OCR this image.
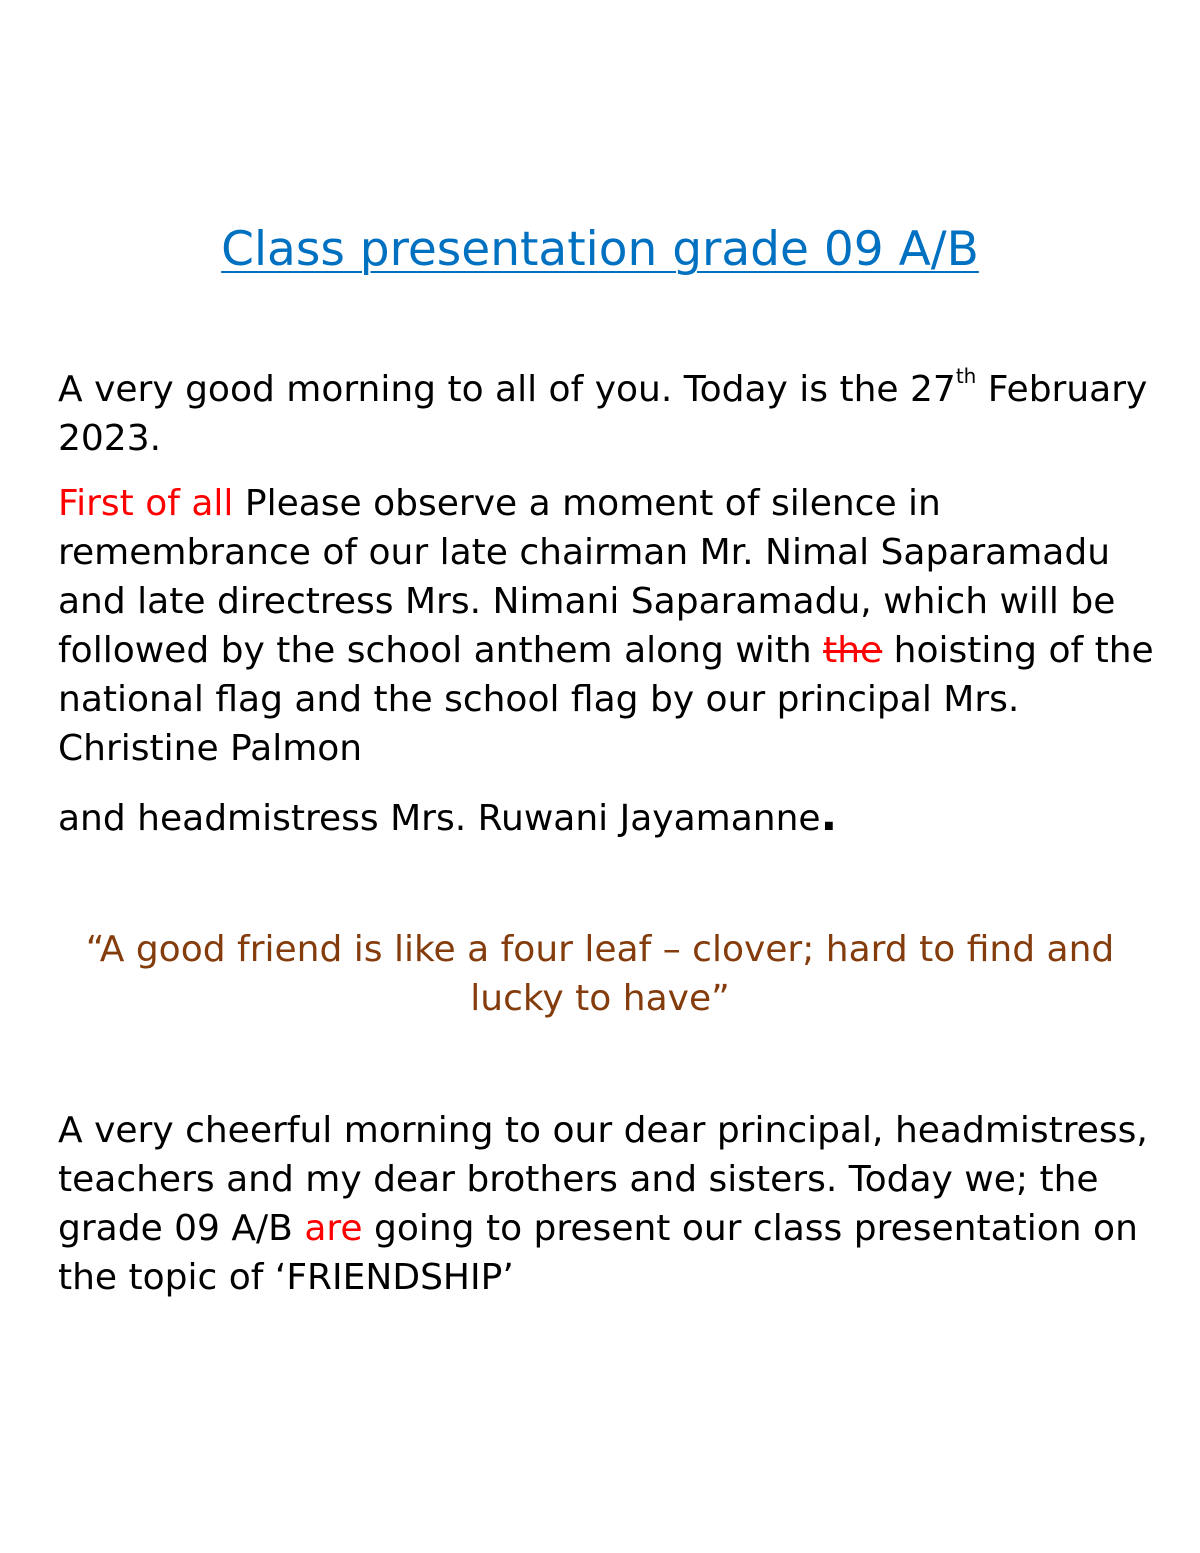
Class presentation grade 09 A/B

A very good morning to all of you. Today is the 27th February 2023.

First of all Please observe a moment of silence in remembrance of our late chairman Mr. Nimal Saparamadu and late directress Mrs. Nimani Saparamadu, which will be followed by the school anthem along with the hoisting of the national flag and the school flag by our principal Mrs. Christine Palmon
and headmistress Mrs. Ruwani Jayamanne.

“A good friend is like a four leaf – clover; hard to find and lucky to have”

A very cheerful morning to our dear principal, headmistress, teachers and my dear brothers and sisters. Today we; the grade 09 A/B are going to present our class presentation on the topic of ‘FRIENDSHIP’
